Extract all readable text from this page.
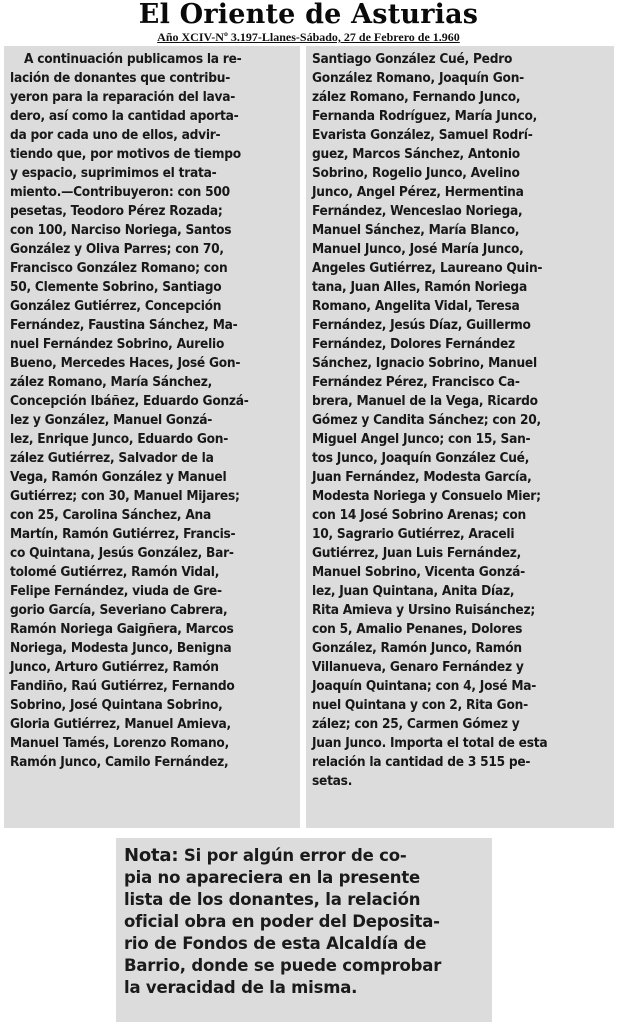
El Oriente de Asturias
Año XCIV-Nº 3.197-Llanes-Sábado, 27 de Febrero de 1.960
A continuación publicamos la re-
lación de donantes que contribu-
yeron para la reparación del lava-
dero, así como la cantidad aporta-
da por cada uno de ellos, advir-
tiendo que, por motivos de tiempo
y espacio, suprimimos el trata-
miento.—Contribuyeron: con 500
pesetas, Teodoro Pérez Rozada;
con 100, Narciso Noriega, Santos
González y Oliva Parres; con 70,
Francisco González Romano; con
50, Clemente Sobrino, Santiago
González Gutiérrez, Concepción
Fernández, Faustina Sánchez, Ma-
nuel Fernández Sobrino, Aurelio
Bueno, Mercedes Haces, José Gon-
zález Romano, María Sánchez,
Concepción Ibáñez, Eduardo Gonzá-
lez y González, Manuel Gonzá-
lez, Enrique Junco, Eduardo Gon-
zález Gutiérrez, Salvador de la
Vega, Ramón González y Manuel
Gutiérrez; con 30, Manuel Mijares;
con 25, Carolina Sánchez, Ana
Martín, Ramón Gutiérrez, Francis-
co Quintana, Jesús González, Bar-
tolomé Gutiérrez, Ramón Vidal,
Felipe Fernández, viuda de Gre-
gorio García, Severiano Cabrera,
Ramón Noriega Gaigñera, Marcos
Noriega, Modesta Junco, Benigna
Junco, Arturo Gutiérrez, Ramón
Fandiño, Raú Gutiérrez, Fernando
Sobrino, José Quintana Sobrino,
Gloria Gutiérrez, Manuel Amieva,
Manuel Tamés, Lorenzo Romano,
Ramón Junco, Camilo Fernández,
Santiago González Cué, Pedro
González Romano, Joaquín Gon-
zález Romano, Fernando Junco,
Fernanda Rodríguez, María Junco,
Evarista González, Samuel Rodrí-
guez, Marcos Sánchez, Antonio
Sobrino, Rogelio Junco, Avelino
Junco, Angel Pérez, Hermentina
Fernández, Wenceslao Noriega,
Manuel Sánchez, María Blanco,
Manuel Junco, José María Junco,
Angeles Gutiérrez, Laureano Quin-
tana, Juan Alles, Ramón Noriega
Romano, Angelita Vidal, Teresa
Fernández, Jesús Díaz, Guillermo
Fernández, Dolores Fernández
Sánchez, Ignacio Sobrino, Manuel
Fernández Pérez, Francisco Ca-
brera, Manuel de la Vega, Ricardo
Gómez y Candita Sánchez; con 20,
Miguel Angel Junco; con 15, San-
tos Junco, Joaquín González Cué,
Juan Fernández, Modesta García,
Modesta Noriega y Consuelo Mier;
con 14 José Sobrino Arenas; con
10, Sagrario Gutiérrez, Araceli
Gutiérrez, Juan Luis Fernández,
Manuel Sobrino, Vicenta Gonzá-
lez, Juan Quintana, Anita Díaz,
Rita Amieva y Ursino Ruisánchez;
con 5, Amalio Penanes, Dolores
González, Ramón Junco, Ramón
Villanueva, Genaro Fernández y
Joaquín Quintana; con 4, José Ma-
nuel Quintana y con 2, Rita Gon-
zález; con 25, Carmen Gómez y
Juan Junco. Importa el total de esta
relación la cantidad de 3 515 pe-
setas.
Nota: Si por algún error de co-
pia no apareciera en la presente
lista de los donantes, la relación
oficial obra en poder del Deposita-
rio de Fondos de esta Alcaldía de
Barrio, donde se puede comprobar
la veracidad de la misma.
